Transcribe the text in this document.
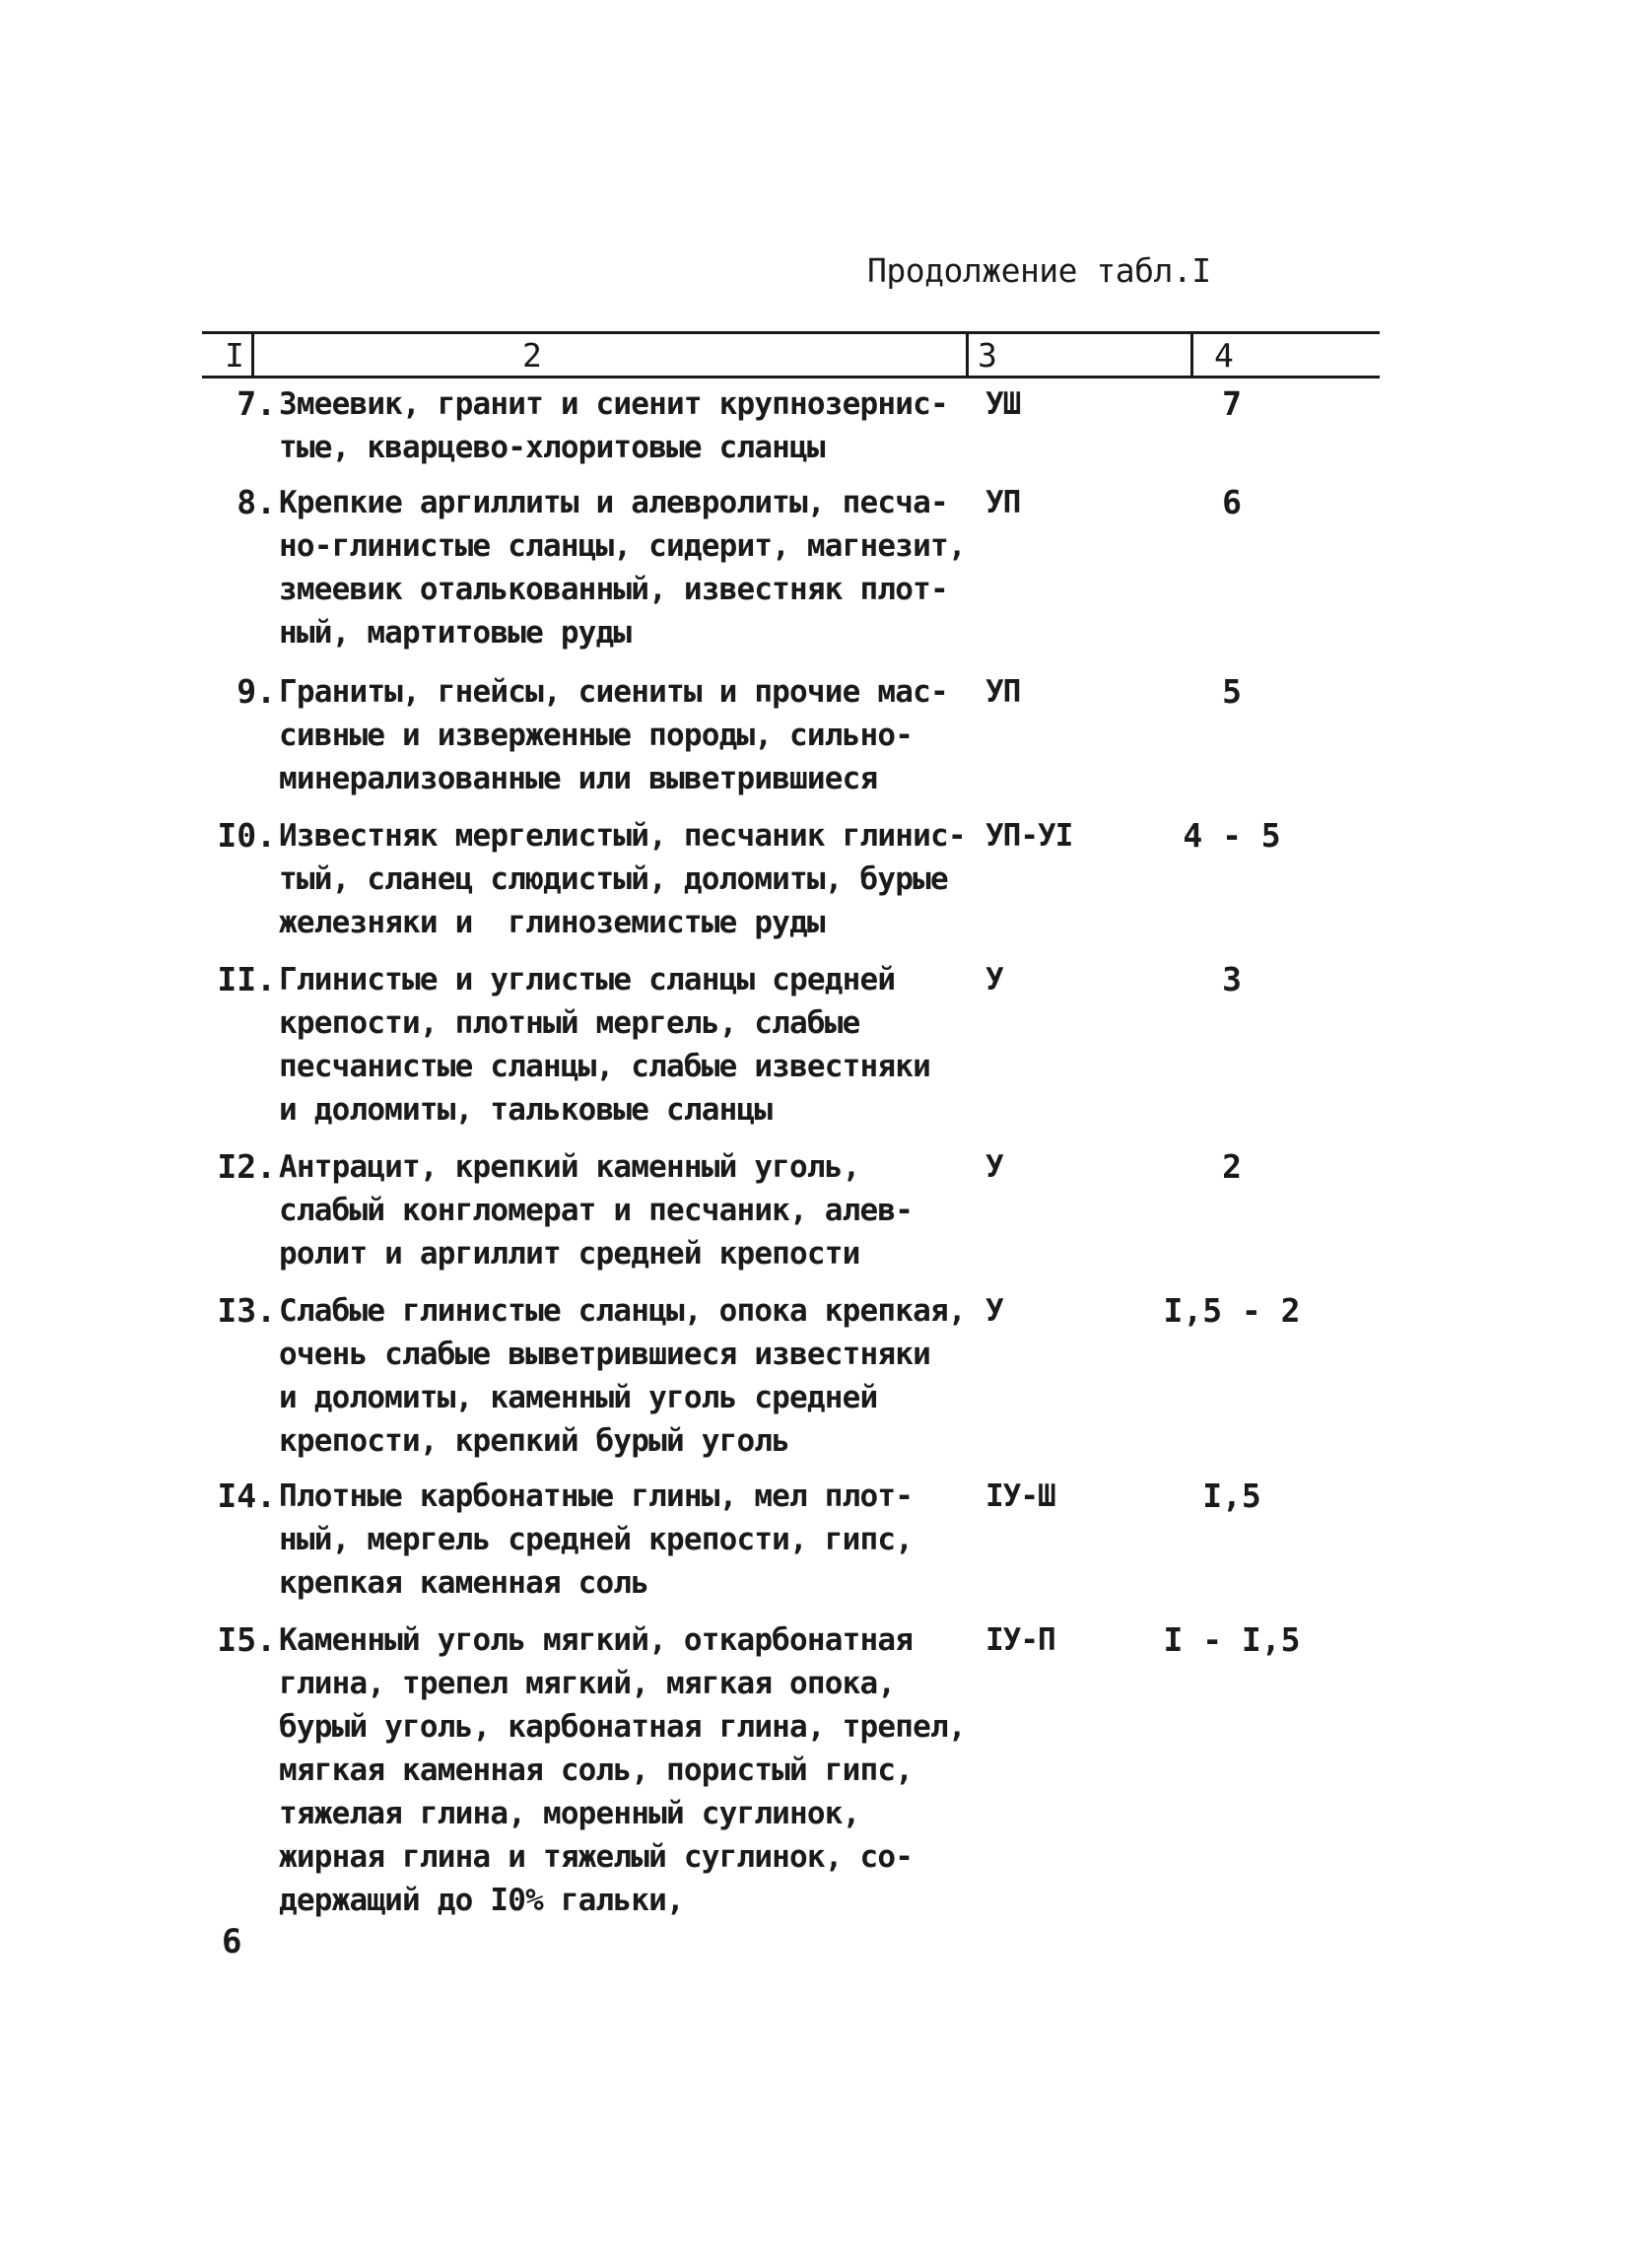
Продолжение табл.I
I	2	3	4
7. Змеевик, гранит и сиенит крупнозернис-
тые, кварцево-хлоритовые сланцы
УШ	7
8. Крепкие аргиллиты и алевролиты, песча-
но-глинистые сланцы, сидерит, магнезит,
змеевик отальковaнный, известняк плот-
ный, мартитовые руды
УП	6
9. Граниты, гнейсы, сиениты и прочие мас-
сивные и изверженные породы, сильно-
минерализованные или выветрившиеся
УП	5
I0. Известняк мергелистый, песчаник глинис-
тый, сланец слюдистый, доломиты, бурые
железняки и  глиноземистые руды
УП-УI	4 - 5
II. Глинистые и углистые сланцы средней
крепости, плотный мергель, слабые
песчанистые сланцы, слабые известняки
и доломиты, тальковые сланцы
У	3
I2. Антрацит, крепкий каменный уголь,
слабый конгломерат и песчаник, алев-
ролит и аргиллит средней крепости
У	2
I3. Слабые глинистые сланцы, опока крепкая,
очень слабые выветрившиеся известняки
и доломиты, каменный уголь средней
крепости, крепкий бурый уголь
У	I,5 - 2
I4. Плотные карбонатные глины, мел плот-
ный, мергель средней крепости, гипс,
крепкая каменная соль
IУ-Ш	I,5
I5. Каменный уголь мягкий, откарбонатная
глина, трепел мягкий, мягкая опока,
бурый уголь, карбонатная глина, трепел,
мягкая каменная соль, пористый гипс,
тяжелая глина, моренный суглинок,
жирная глина и тяжелый суглинок, со-
держащий до I0% гальки,
IУ-П	I - I,5
6
